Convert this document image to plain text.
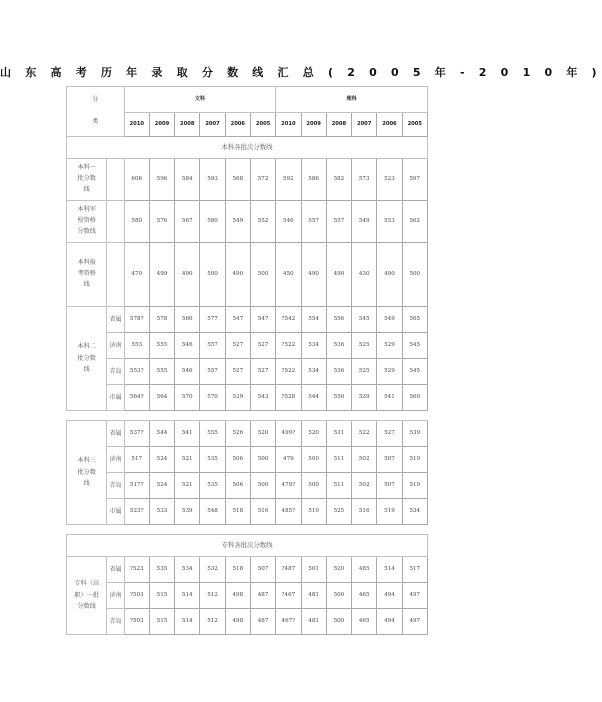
山 东 高 考 历 年 录 取 分 数 线 汇 总 ( 2 0 0 5 年 - 2 0 1 0 年 )
分

类		文科						理科					
		2010	2009	2008	2007	2006	2005	2010	2009	2008	2007	2006	2005
本科各批次分数线													
本科一
批分数
线		606	596	584	593	568	572	592	586	582	573	523	597
本科军
检资格
分数线		580	576	567	580	549	552	546	557	557	549	553	562
本科报
考资格
线		470	499	490	500	490	500	450	490	490	430	490	500
本科二
批分数
线	省属	578?	578	566	577	547	547	?542	554	556	545	549	565
	济南	553	555	546	557	527	527	?522	534	536	525	529	545
	青岛	553?	555	546	557	527	527	?522	534	536	525	529	545
	市属	564?	564	570	570	539	543	?528	544	550	539	541	560

本科三
批分数
线	省属	537?	544	541	555	526	520	499?	520	531	522	527	539
	济南	517	524	521	535	506	500	479	500	511	502	507	519
	青岛	517?	524	521	535	506	500	479?	500	511	502	507	519
	市属	523?	533	539	548	518	516	485?	510	525	516	519	534

专科各批次分数线													
专科（高
职）一批
分数线	省属	?523	535	534	532	518	507	?487	501	520	485	514	517
	济南	?503	515	514	512	498	487	?467	481	500	465	494	497
	青岛	?503	515	514	512	498	487	467?	481	500	465	494	497
